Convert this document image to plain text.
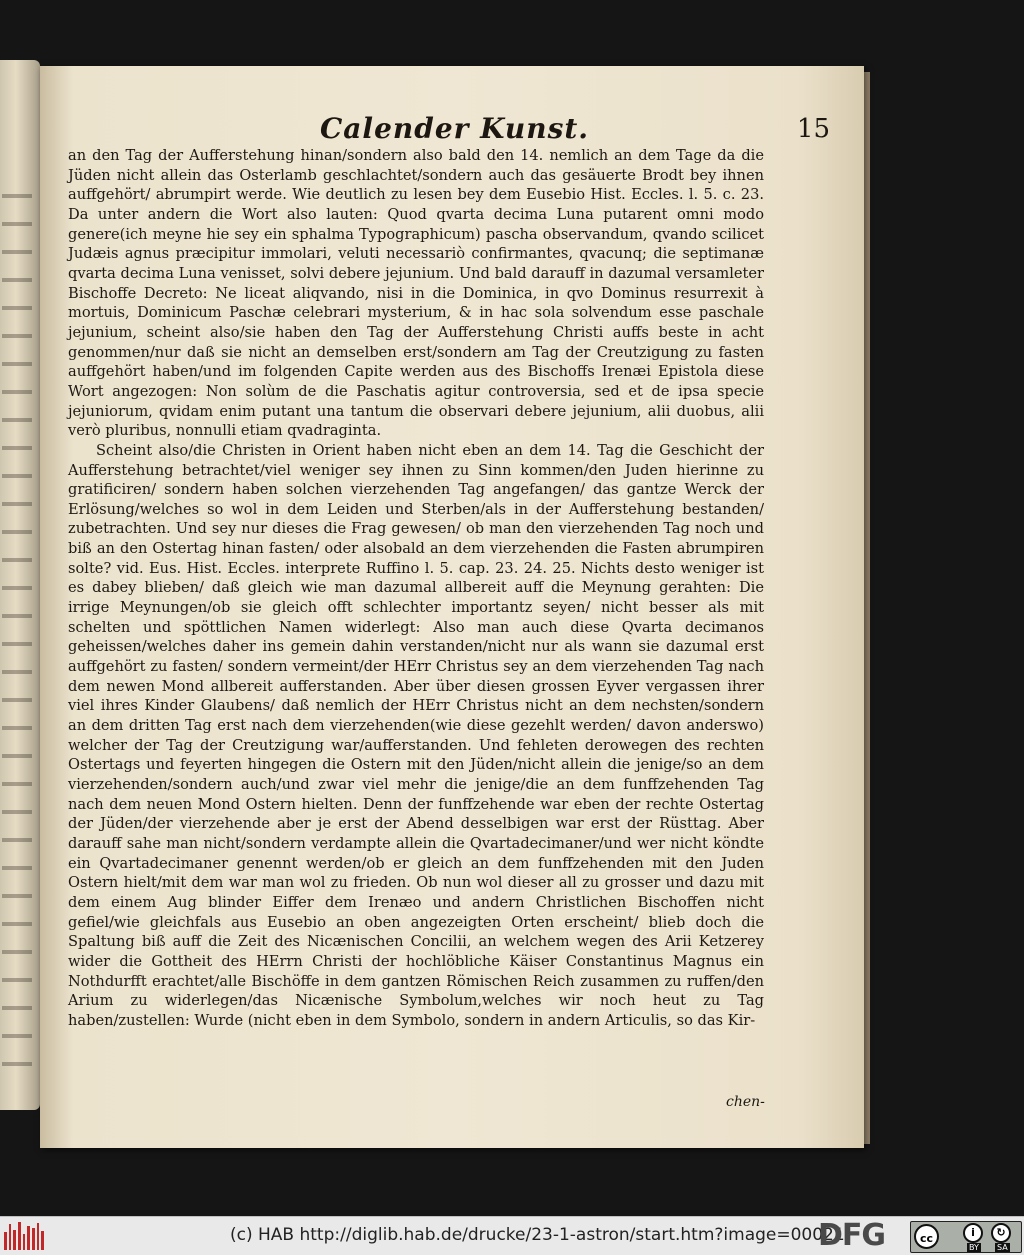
Calender Kunst.	15

an den Tag der Aufferstehung hinan/sondern also bald den 14. nemlich an dem Tage da die Jüden nicht allein das Osterlamb geschlachtet/sondern auch das gesäuerte Brodt bey ihnen auffgehört/ abrumpirt werde. Wie deutlich zu lesen bey dem Eusebio Hist. Eccles. l. 5. c. 23. Da unter andern die Wort also lauten: Quod qvarta decima Luna putarent omni modo genere(ich meyne hie sey ein sphalma Typographicum) pascha observandum, qvando scilicet Judæis agnus præcipitur immolari, veluti necessariò confirmantes, qvacunq; die septimanæ qvarta decima Luna venisset, solvi debere jejunium. Und bald darauff in dazumal versamleter Bischoffe Decreto: Ne liceat aliqvando, nisi in die Dominica, in qvo Dominus resurrexit à mortuis, Dominicum Paschæ celebrari mysterium, & in hac sola solvendum esse paschale jejunium, scheint also/sie haben den Tag der Aufferstehung Christi auffs beste in acht genommen/nur daß sie nicht an demselben erst/sondern am Tag der Creutzigung zu fasten auffgehört haben/und im folgenden Capite werden aus des Bischoffs Irenæi Epistola diese Wort angezogen: Non solùm de die Paschatis agitur controversia, sed et de ipsa specie jejuniorum, qvidam enim putant una tantum die observari debere jejunium, alii duobus, alii verò pluribus, nonnulli etiam qvadraginta.

Scheint also/die Christen in Orient haben nicht eben an dem 14. Tag die Geschicht der Aufferstehung betrachtet/viel weniger sey ihnen zu Sinn kommen/den Juden hierinne zu gratificiren/ sondern haben solchen vierzehenden Tag angefangen/ das gantze Werck der Erlösung/welches so wol in dem Leiden und Sterben/als in der Aufferstehung bestanden/ zubetrachten. Und sey nur dieses die Frag gewesen/ ob man den vierzehenden Tag noch und biß an den Ostertag hinan fasten/ oder alsobald an dem vierzehenden die Fasten abrumpiren solte? vid. Eus. Hist. Eccles. interprete Ruffino l. 5. cap. 23. 24. 25. Nichts desto weniger ist es dabey blieben/ daß gleich wie man dazumal allbereit auff die Meynung gerahten: Die irrige Meynungen/ob sie gleich offt schlechter importantz seyen/ nicht besser als mit schelten und spöttlichen Namen widerlegt: Also man auch diese Qvarta decimanos geheissen/welches daher ins gemein dahin verstanden/nicht nur als wann sie dazumal erst auffgehört zu fasten/ sondern vermeint/der HErr Christus sey an dem vierzehenden Tag nach dem newen Mond allbereit aufferstanden. Aber über diesen grossen Eyver vergassen ihrer viel ihres Kinder Glaubens/ daß nemlich der HErr Christus nicht an dem nechsten/sondern an dem dritten Tag erst nach dem vierzehenden(wie diese gezehlt werden/ davon anderswo) welcher der Tag der Creutzigung war/aufferstanden. Und fehleten derowegen des rechten Ostertags und feyerten hingegen die Ostern mit den Jüden/nicht allein die jenige/so an dem vierzehenden/sondern auch/und zwar viel mehr die jenige/die an dem funffzehenden Tag nach dem neuen Mond Ostern hielten. Denn der funffzehende war eben der rechte Ostertag der Jüden/der vierzehende aber je erst der Abend desselbigen war erst der Rüsttag. Aber darauff sahe man nicht/sondern verdampte allein die Qvartadecimaner/und wer nicht köndte ein Qvartadecimaner genennt werden/ob er gleich an dem funffzehenden mit den Juden Ostern hielt/mit dem war man wol zu frieden. Ob nun wol dieser all zu grosser und dazu mit dem einem Aug blinder Eiffer dem Irenæo und andern Christlichen Bischoffen nicht gefiel/wie gleichfals aus Eusebio an oben angezeigten Orten erscheint/ blieb doch die Spaltung biß auff die Zeit des Nicænischen Concilii, an welchem wegen des Arii Ketzerey wider die Gottheit des HErrn Christi der hochlöbliche Käiser Constantinus Magnus ein Nothdurfft erachtet/alle Bischöffe in dem gantzen Römischen Reich zusammen zu ruffen/den Arium zu widerlegen/das Nicænische Symbolum,welches wir noch heut zu Tag haben/zustellen: Wurde (nicht eben in dem Symbolo, sondern in andern Articulis, so das Kir-

chen-
(c) HAB http://diglib.hab.de/drucke/23-1-astron/start.htm?image=00021
DFG	cc	i	↻
BY SA
